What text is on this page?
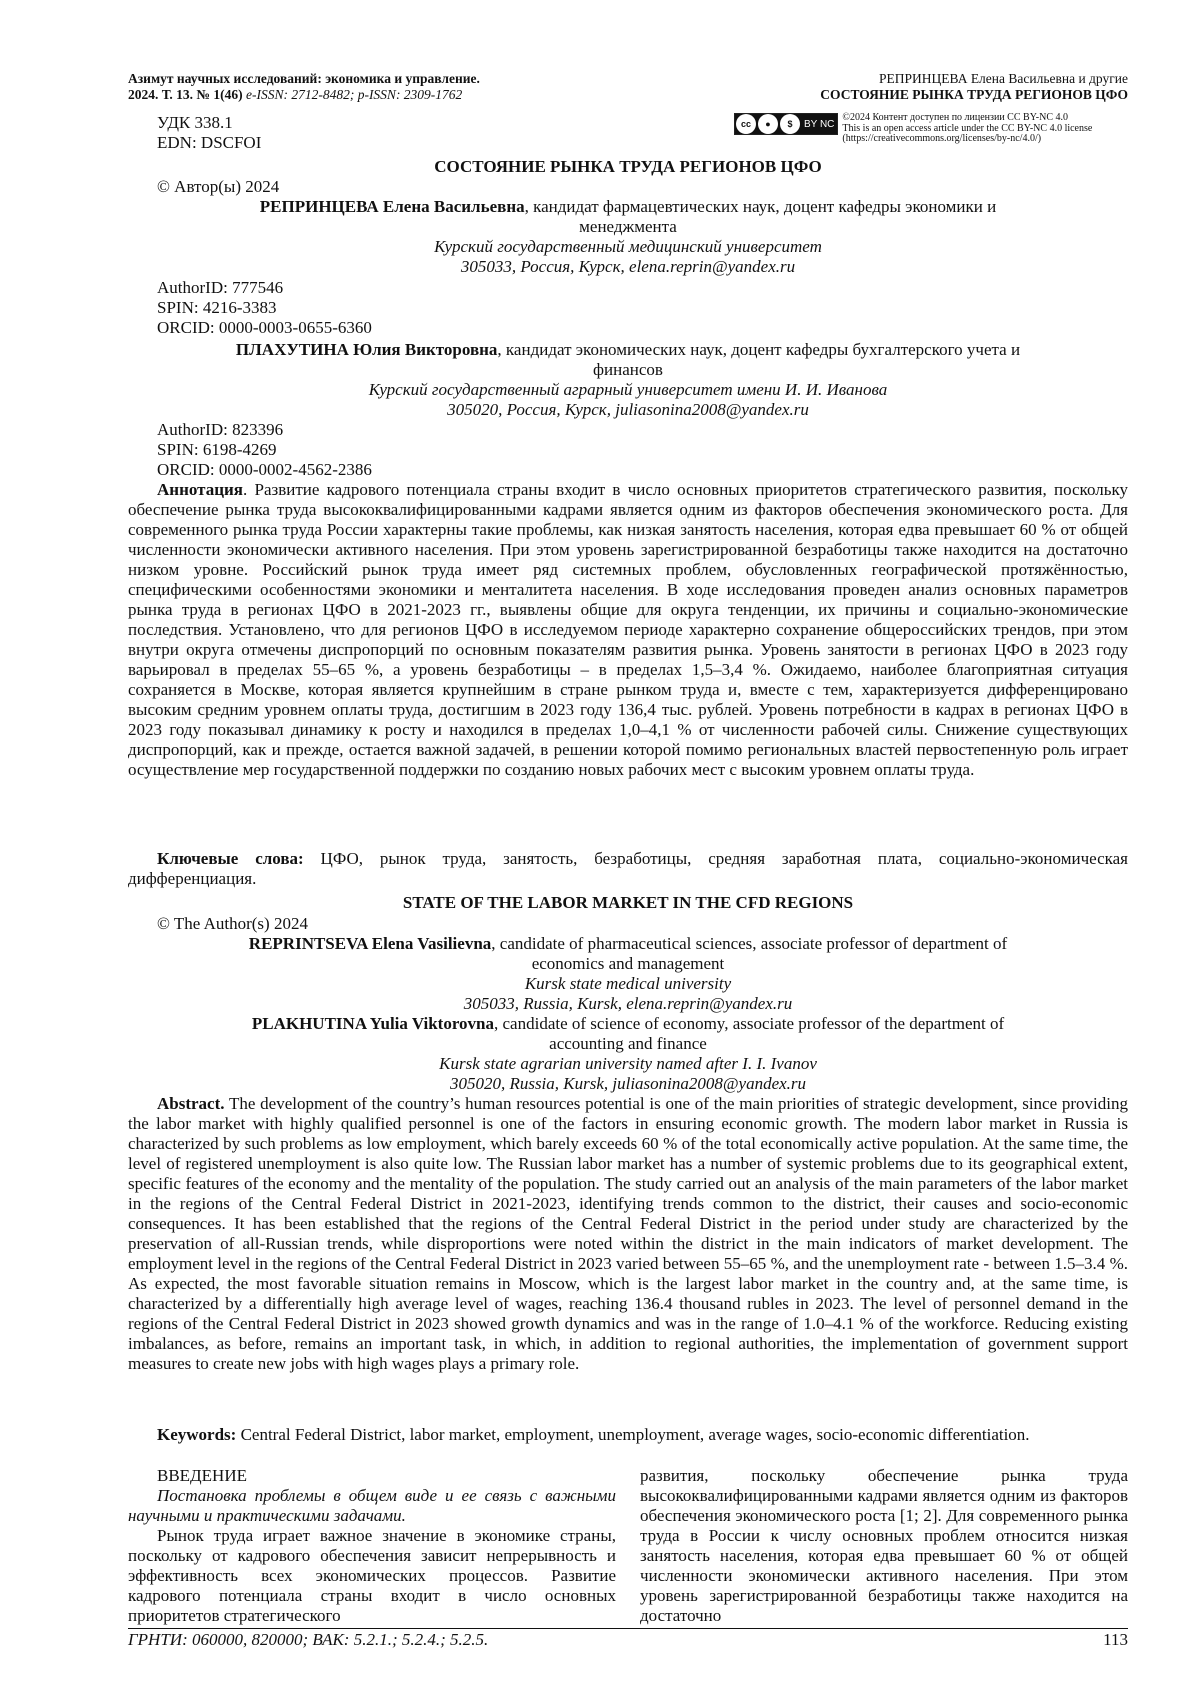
Азимут научных исследований: экономика и управление.
2024. Т. 13. № 1(46) e-ISSN: 2712-8482; p-ISSN: 2309-1762
РЕПРИНЦЕВА Елена Васильевна и другие
СОСТОЯНИЕ РЫНКА ТРУДА РЕГИОНОВ ЦФО
УДК 338.1
EDN: DSCFOI
cc	●	$	BY NC
©2024 Контент доступен по лицензии CC BY-NC 4.0
This is an open access article under the CC BY-NC 4.0 license
(https://creativecommons.org/licenses/by-nc/4.0/)
СОСТОЯНИЕ РЫНКА ТРУДА РЕГИОНОВ ЦФО
© Автор(ы) 2024
РЕПРИНЦЕВА Елена Васильевна, кандидат фармацевтических наук, доцент кафедры экономики и
менеджмента
Курский государственный медицинский университет
305033, Россия, Курск, elena.reprin@yandex.ru
AuthorID: 777546
SPIN: 4216-3383
ORCID: 0000-0003-0655-6360
ПЛАХУТИНА Юлия Викторовна, кандидат экономических наук, доцент кафедры бухгалтерского учета и
финансов
Курский государственный аграрный университет имени И. И. Иванова
305020, Россия, Курск, juliasonina2008@yandex.ru
AuthorID: 823396
SPIN: 6198-4269
ORCID: 0000-0002-4562-2386
Аннотация. Развитие кадрового потенциала страны входит в число основных приоритетов стратегического развития, поскольку обеспечение рынка труда высококвалифицированными кадрами является одним из факторов обеспечения экономического роста. Для современного рынка труда России характерны такие проблемы, как низкая занятость населения, которая едва превышает 60 % от общей численности экономически активного населения. При этом уровень зарегистрированной безработицы также находится на достаточно низком уровне. Российский рынок труда имеет ряд системных проблем, обусловленных географической протяжённостью, специфическими особенностями экономики и менталитета населения. В ходе исследования проведен анализ основных параметров рынка труда в регионах ЦФО в 2021-2023 гг., выявлены общие для округа тенденции, их причины и социально-экономические последствия. Установлено, что для регионов ЦФО в исследуемом периоде характерно сохранение общероссийских трендов, при этом внутри округа отмечены диспропорций по основным показателям развития рынка. Уровень занятости в регионах ЦФО в 2023 году варьировал в пределах 55–65 %, а уровень безработицы – в пределах 1,5–3,4 %. Ожидаемо, наиболее благоприятная ситуация сохраняется в Москве, которая является крупнейшим в стране рынком труда и, вместе с тем, характеризуется дифференцировано высоким средним уровнем оплаты труда, достигшим в 2023 году 136,4 тыс. рублей. Уровень потребности в кадрах в регионах ЦФО в 2023 году показывал динамику к росту и находился в пределах 1,0–4,1 % от численности рабочей силы. Снижение существующих диспропорций, как и прежде, остается важной задачей, в решении которой помимо региональных властей первостепенную роль играет осуществление мер государственной поддержки по созданию новых рабочих мест с высоким уровнем оплаты труда.
Ключевые слова: ЦФО, рынок труда, занятость, безработицы, средняя заработная плата, социально-экономическая дифференциация.
STATE OF THE LABOR MARKET IN THE CFD REGIONS
© The Author(s) 2024
REPRINTSEVA Elena Vasilievna, candidate of pharmaceutical sciences, associate professor of department of
economics and management
Kursk state medical university
305033, Russia, Kursk, elena.reprin@yandex.ru
PLAKHUTINA Yulia Viktorovna, candidate of science of economy, associate professor of the department of
accounting and finance
Kursk state agrarian university named after I. I. Ivanov
305020, Russia, Kursk, juliasonina2008@yandex.ru
Abstract. The development of the country’s human resources potential is one of the main priorities of strategic development, since providing the labor market with highly qualified personnel is one of the factors in ensuring economic growth. The modern labor market in Russia is characterized by such problems as low employment, which barely exceeds 60 % of the total economically active population. At the same time, the level of registered unemployment is also quite low. The Russian labor market has a number of systemic problems due to its geographical extent, specific features of the economy and the mentality of the population. The study carried out an analysis of the main parameters of the labor market in the regions of the Central Federal District in 2021-2023, identifying trends common to the district, their causes and socio-economic consequences. It has been established that the regions of the Central Federal District in the period under study are characterized by the preservation of all-Russian trends, while disproportions were noted within the district in the main indicators of market development. The employment level in the regions of the Central Federal District in 2023 varied between 55–65 %, and the unemployment rate - between 1.5–3.4 %. As expected, the most favorable situation remains in Moscow, which is the largest labor market in the country and, at the same time, is characterized by a differentially high average level of wages, reaching 136.4 thousand rubles in 2023. The level of personnel demand in the regions of the Central Federal District in 2023 showed growth dynamics and was in the range of 1.0–4.1 % of the workforce. Reducing existing imbalances, as before, remains an important task, in which, in addition to regional authorities, the implementation of government support measures to create new jobs with high wages plays a primary role.
Keywords: Central Federal District, labor market, employment, unemployment, average wages, socio-economic differentiation.
ВВЕДЕНИЕ
Постановка проблемы в общем виде и ее связь с важными научными и практическими задачами.
Рынок труда играет важное значение в экономике страны, поскольку от кадрового обеспечения зависит непрерывность и эффективность всех экономических процессов. Развитие кадрового потенциала страны входит в число основных приоритетов стратегического
развития, поскольку обеспечение рынка труда высококвалифицированными кадрами является одним из факторов обеспечения экономического роста [1; 2]. Для современного рынка труда в России к числу основных проблем относится низкая занятость населения, которая едва превышает 60 % от общей численности экономически активного населения. При этом уровень зарегистрированной безработицы также находится на достаточно
ГРНТИ: 060000, 820000; ВАК: 5.2.1.; 5.2.4.; 5.2.5.	113
